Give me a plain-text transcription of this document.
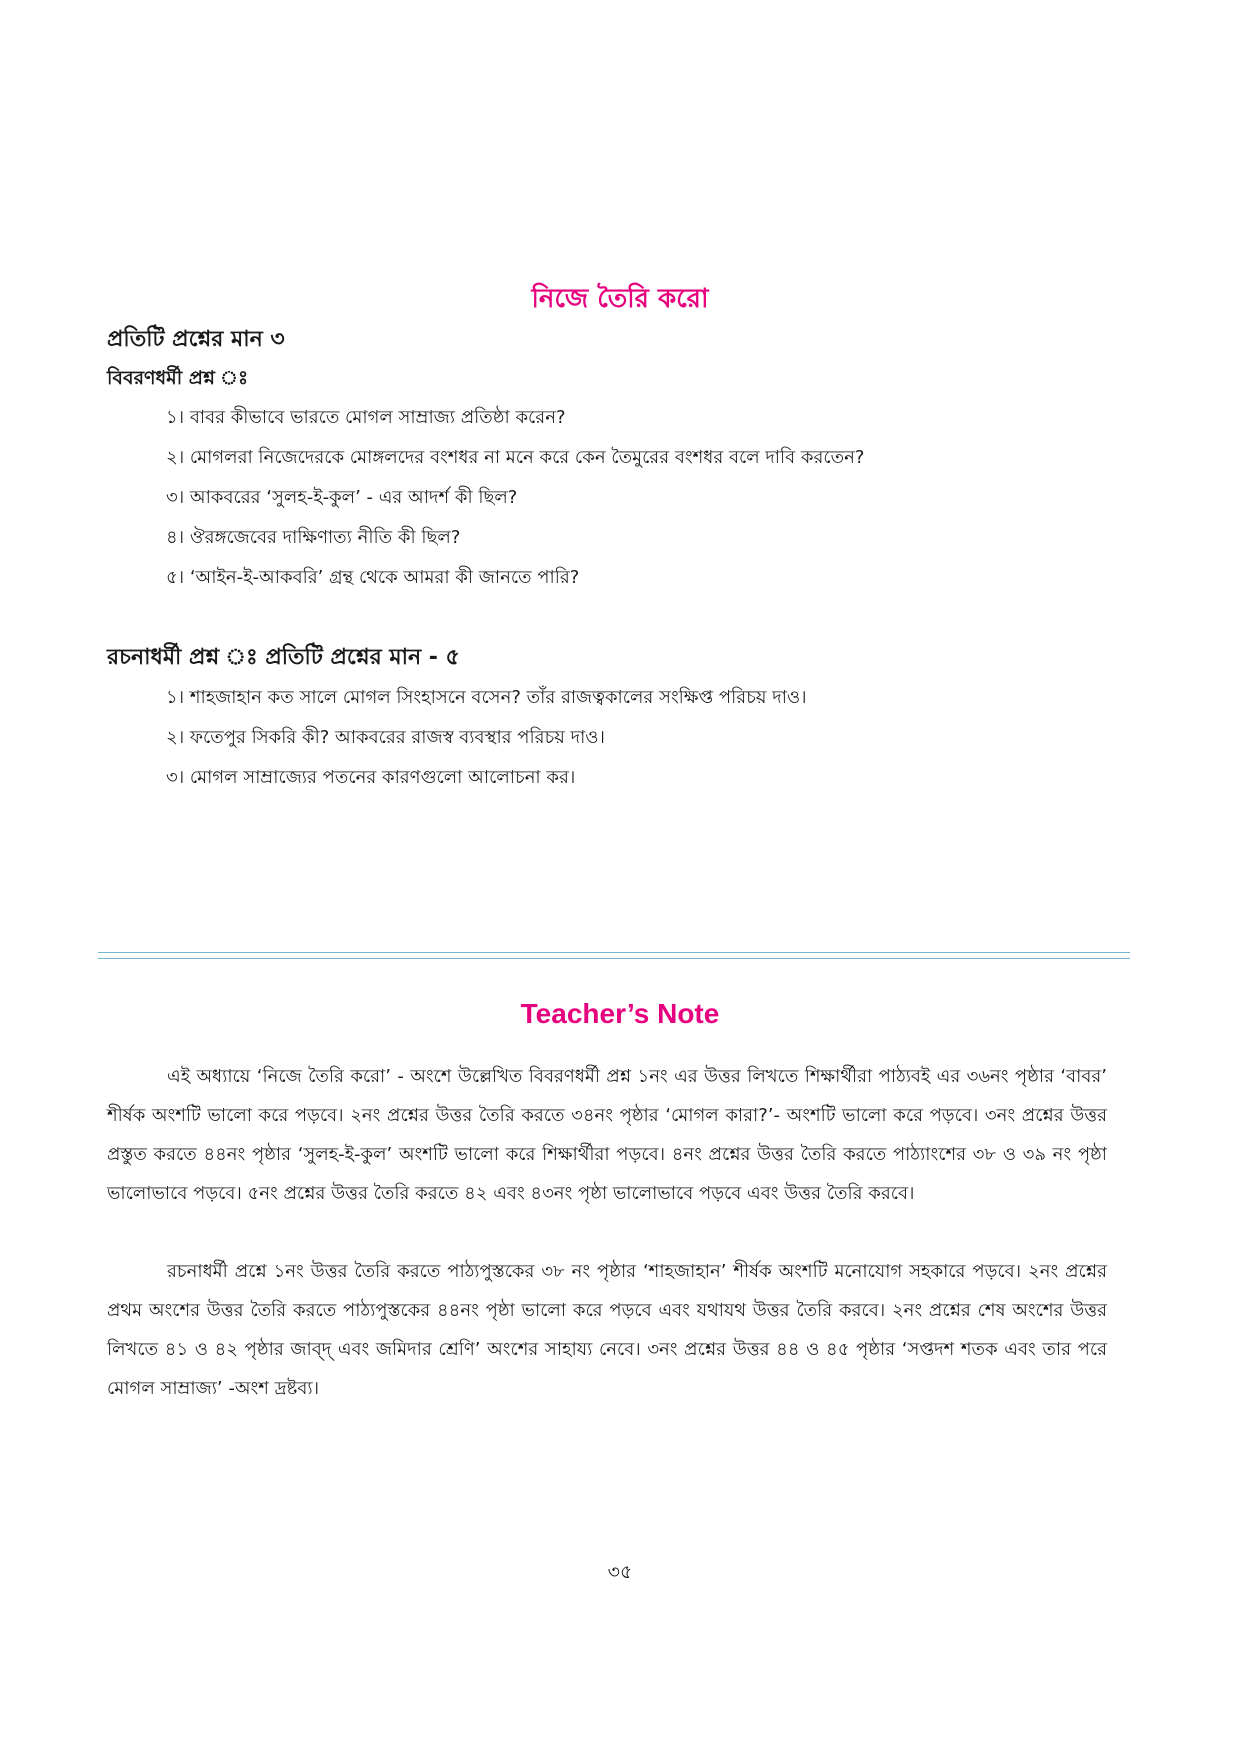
নিজে তৈরি করো
প্রতিটি প্রশ্নের মান ৩
বিবরণধর্মী প্রশ্ন ঃ
১। বাবর কীভাবে ভারতে মোগল সাম্রাজ্য প্রতিষ্ঠা করেন?
২। মোগলরা নিজেদেরকে মোঙ্গলদের বংশধর না মনে করে কেন তৈমুরের বংশধর বলে দাবি করতেন?
৩। আকবরের ‘সুলহ-ই-কুল’ - এর আদর্শ কী ছিল?
৪। ঔরঙ্গজেবের দাক্ষিণাত্য নীতি কী ছিল?
৫। ‘আইন-ই-আকবরি’ গ্রন্থ থেকে আমরা কী জানতে পারি?
রচনাধর্মী প্রশ্ন ঃ প্রতিটি প্রশ্নের মান - ৫
১। শাহজাহান কত সালে মোগল সিংহাসনে বসেন? তাঁর রাজত্বকালের সংক্ষিপ্ত পরিচয় দাও।
২। ফতেপুর সিকরি কী? আকবরের রাজস্ব ব্যবস্থার পরিচয় দাও।
৩। মোগল সাম্রাজ্যের পতনের কারণগুলো আলোচনা কর।
Teacher’s Note

এই অধ্যায়ে ‘নিজে তৈরি করো’ - অংশে উল্লেখিত বিবরণধর্মী প্রশ্ন ১নং এর উত্তর লিখতে শিক্ষার্থীরা পাঠ্যবই এর ৩৬নং পৃষ্ঠার ‘বাবর’ শীর্ষক অংশটি ভালো করে পড়বে। ২নং প্রশ্নের উত্তর তৈরি করতে ৩৪নং পৃষ্ঠার ‘মোগল কারা?’- অংশটি ভালো করে পড়বে। ৩নং প্রশ্নের উত্তর প্রস্তুত করতে ৪৪নং পৃষ্ঠার ‘সুলহ-ই-কুল’ অংশটি ভালো করে শিক্ষার্থীরা পড়বে। ৪নং প্রশ্নের উত্তর তৈরি করতে পাঠ্যাংশের ৩৮ ও ৩৯ নং পৃষ্ঠা ভালোভাবে পড়বে। ৫নং প্রশ্নের উত্তর তৈরি করতে ৪২ এবং ৪৩নং পৃষ্ঠা ভালোভাবে পড়বে এবং উত্তর তৈরি করবে।

রচনাধর্মী প্রশ্নে ১নং উত্তর তৈরি করতে পাঠ্যপুস্তকের ৩৮ নং পৃষ্ঠার ‘শাহজাহান’ শীর্ষক অংশটি মনোযোগ সহকারে পড়বে। ২নং প্রশ্নের প্রথম অংশের উত্তর তৈরি করতে পাঠ্যপুস্তকের ৪৪নং পৃষ্ঠা ভালো করে পড়বে এবং যথাযথ উত্তর তৈরি করবে। ২নং প্রশ্নের শেষ অংশের উত্তর লিখতে ৪১ ও ৪২ পৃষ্ঠার জাব্‌দ্ এবং জমিদার শ্রেণি’ অংশের সাহায্য নেবে। ৩নং প্রশ্নের উত্তর ৪৪ ও ৪৫ পৃষ্ঠার ‘সপ্তদশ শতক এবং তার পরে মোগল সাম্রাজ্য’ -অংশ দ্রষ্টব্য।

৩৫
